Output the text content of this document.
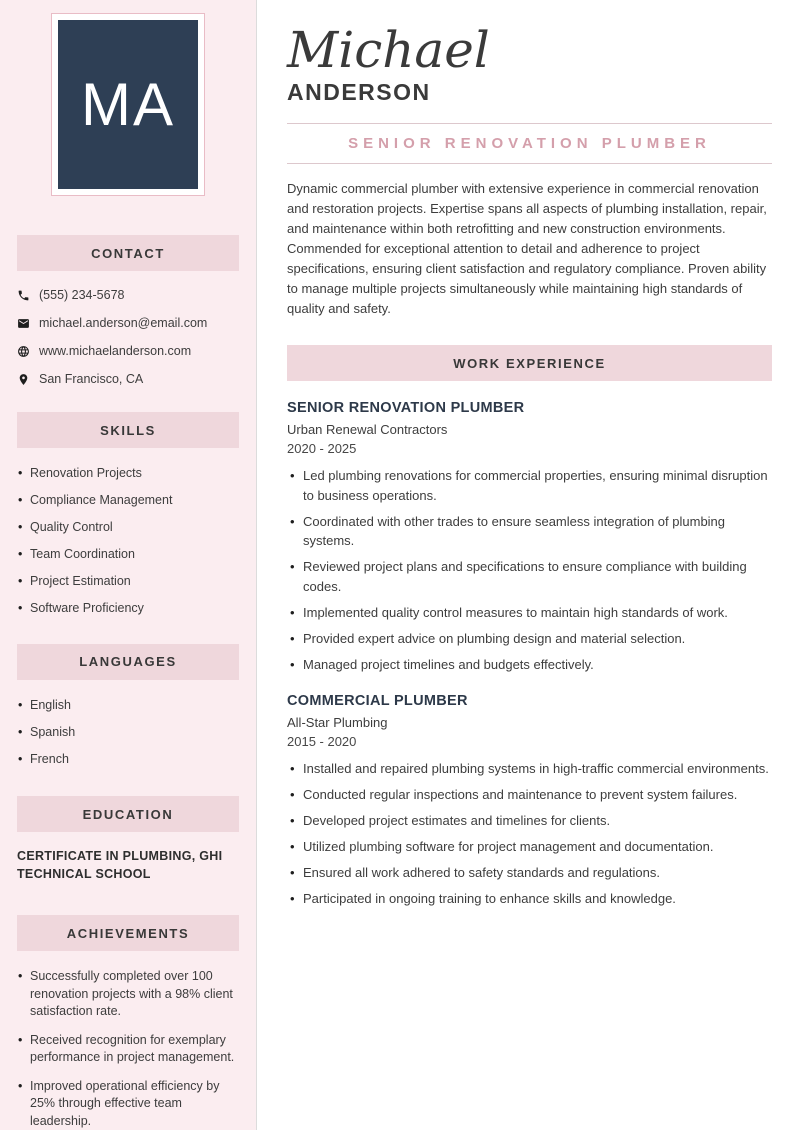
MA
CONTACT
(555) 234-5678
michael.anderson@email.com
www.michaelanderson.com
San Francisco, CA
SKILLS
• Renovation Projects
• Compliance Management
• Quality Control
• Team Coordination
• Project Estimation
• Software Proficiency
LANGUAGES
• English
• Spanish
• French
EDUCATION
CERTIFICATE IN PLUMBING, GHI TECHNICAL SCHOOL
ACHIEVEMENTS
• Successfully completed over 100 renovation projects with a 98% client satisfaction rate.
• Received recognition for exemplary performance in project management.
• Improved operational efficiency by 25% through effective team leadership.
Michael
ANDERSON
SENIOR RENOVATION PLUMBER

Dynamic commercial plumber with extensive experience in commercial renovation and restoration projects. Expertise spans all aspects of plumbing installation, repair, and maintenance within both retrofitting and new construction environments. Commended for exceptional attention to detail and adherence to project specifications, ensuring client satisfaction and regulatory compliance. Proven ability to manage multiple projects simultaneously while maintaining high standards of quality and safety.

WORK EXPERIENCE
SENIOR RENOVATION PLUMBER
Urban Renewal Contractors
2020 - 2025
• Led plumbing renovations for commercial properties, ensuring minimal disruption to business operations.
• Coordinated with other trades to ensure seamless integration of plumbing systems.
• Reviewed project plans and specifications to ensure compliance with building codes.
• Implemented quality control measures to maintain high standards of work.
• Provided expert advice on plumbing design and material selection.
• Managed project timelines and budgets effectively.
COMMERCIAL PLUMBER
All-Star Plumbing
2015 - 2020
• Installed and repaired plumbing systems in high-traffic commercial environments.
• Conducted regular inspections and maintenance to prevent system failures.
• Developed project estimates and timelines for clients.
• Utilized plumbing software for project management and documentation.
• Ensured all work adhered to safety standards and regulations.
• Participated in ongoing training to enhance skills and knowledge.
